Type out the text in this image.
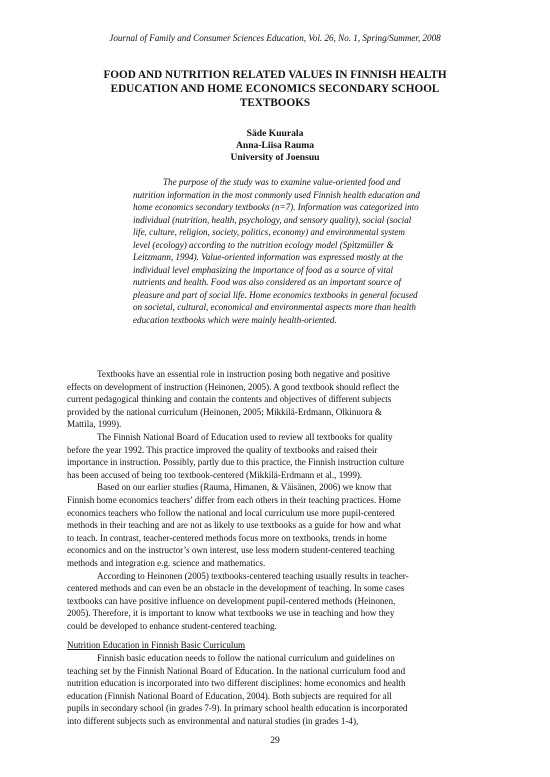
Journal of Family and Consumer Sciences Education, Vol. 26, No. 1, Spring/Summer, 2008
FOOD AND NUTRITION RELATED VALUES IN FINNISH HEALTH
EDUCATION AND HOME ECONOMICS SECONDARY SCHOOL
TEXTBOOKS
Säde Kuurala
Anna-Liisa Rauma
University of Joensuu
The purpose of the study was to examine value-oriented food and
nutrition information in the most commonly used Finnish health education and
home economics secondary textbooks (n=7). Information was categorized into
individual (nutrition, health, psychology, and sensory quality), social (social
life, culture, religion, society, politics, economy) and environmental system
level (ecology) according to the nutrition ecology model (Spitzmüller &
Leitzmann, 1994). Value-oriented information was expressed mostly at the
individual level emphasizing the importance of food as a source of vital
nutrients and health. Food was also considered as an important source of
pleasure and part of social life. Home economics textbooks in general focused
on societal, cultural, economical and environmental aspects more than health
education textbooks which were mainly health-oriented.
Textbooks have an essential role in instruction posing both negative and positive
effects on development of instruction (Heinonen, 2005). A good textbook should reflect the
current pedagogical thinking and contain the contents and objectives of different subjects
provided by the national curriculum (Heinonen, 2005; Mikkilä-Erdmann, Olkinuora &
Mattila, 1999).
The Finnish National Board of Education used to review all textbooks for quality
before the year 1992. This practice improved the quality of textbooks and raised their
importance in instruction. Possibly, partly due to this practice, the Finnish instruction culture
has been accused of being too textbook-centered (Mikkilä-Erdmann et al., 1999).
Based on our earlier studies (Rauma, Himanen, & Väisänen, 2006) we know that
Finnish home economics teachers’ differ from each others in their teaching practices. Home
economics teachers who follow the national and local curriculum use more pupil-centered
methods in their teaching and are not as likely to use textbooks as a guide for how and what
to teach. In contrast, teacher-centered methods focus more on textbooks, trends in home
economics and on the instructor’s own interest, use less modern student-centered teaching
methods and integration e.g. science and mathematics.
According to Heinonen (2005) textbooks-centered teaching usually results in teacher-
centered methods and can even be an obstacle in the development of teaching. In some cases
textbooks can have positive influence on development pupil-centered methods (Heinonen,
2005). Therefore, it is important to know what textbooks we use in teaching and how they
could be developed to enhance student-centered teaching.
Nutrition Education in Finnish Basic Curriculum
Finnish basic education needs to follow the national curriculum and guidelines on
teaching set by the Finnish National Board of Education. In the national curriculum food and
nutrition education is incorporated into two different disciplines: home economics and health
education (Finnish National Board of Education, 2004). Both subjects are required for all
pupils in secondary school (in grades 7-9). In primary school health education is incorporated
into different subjects such as environmental and natural studies (in grades 1-4),
29
